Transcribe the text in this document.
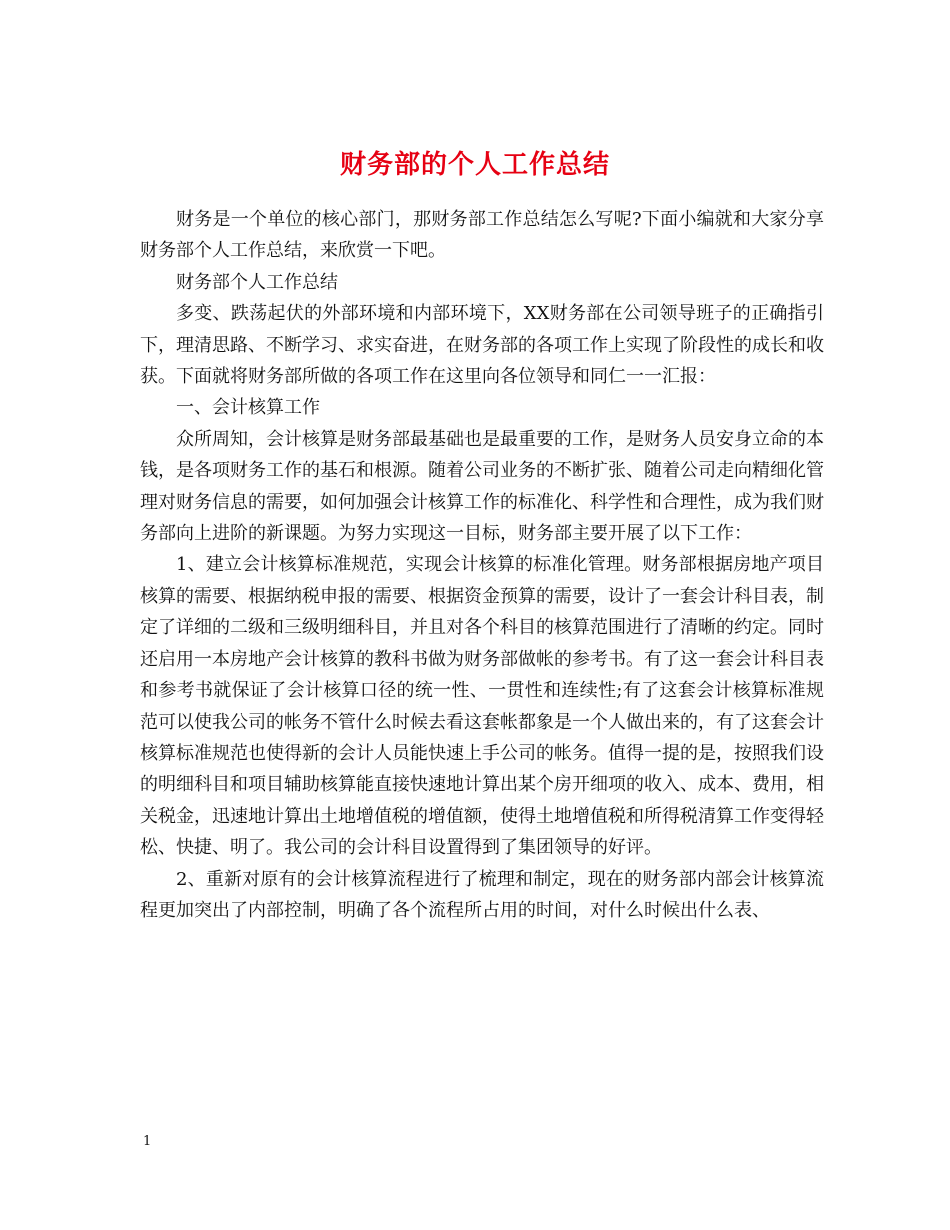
财务部的个人工作总结

财务是一个单位的核心部门，那财务部工作总结怎么写呢?下面小编就和大家分享财务部个人工作总结，来欣赏一下吧。

财务部个人工作总结

多变、跌荡起伏的外部环境和内部环境下，XX财务部在公司领导班子的正确指引下，理清思路、不断学习、求实奋进，在财务部的各项工作上实现了阶段性的成长和收获。下面就将财务部所做的各项工作在这里向各位领导和同仁一一汇报：

一、会计核算工作

众所周知，会计核算是财务部最基础也是最重要的工作，是财务人员安身立命的本钱，是各项财务工作的基石和根源。随着公司业务的不断扩张、随着公司走向精细化管理对财务信息的需要，如何加强会计核算工作的标准化、科学性和合理性，成为我们财务部向上进阶的新课题。为努力实现这一目标，财务部主要开展了以下工作：

1、建立会计核算标准规范，实现会计核算的标准化管理。财务部根据房地产项目核算的需要、根据纳税申报的需要、根据资金预算的需要，设计了一套会计科目表，制定了详细的二级和三级明细科目，并且对各个科目的核算范围进行了清晰的约定。同时还启用一本房地产会计核算的教科书做为财务部做帐的参考书。有了这一套会计科目表和参考书就保证了会计核算口径的统一性、一贯性和连续性;有了这套会计核算标准规范可以使我公司的帐务不管什么时候去看这套帐都象是一个人做出来的，有了这套会计核算标准规范也使得新的会计人员能快速上手公司的帐务。值得一提的是，按照我们设的明细科目和项目辅助核算能直接快速地计算出某个房开细项的收入、成本、费用，相关税金，迅速地计算出土地增值税的增值额，使得土地增值税和所得税清算工作变得轻松、快捷、明了。我公司的会计科目设置得到了集团领导的好评。

2、重新对原有的会计核算流程进行了梳理和制定，现在的财务部内部会计核算流程更加突出了内部控制，明确了各个流程所占用的时间，对什么时候出什么表、

1
